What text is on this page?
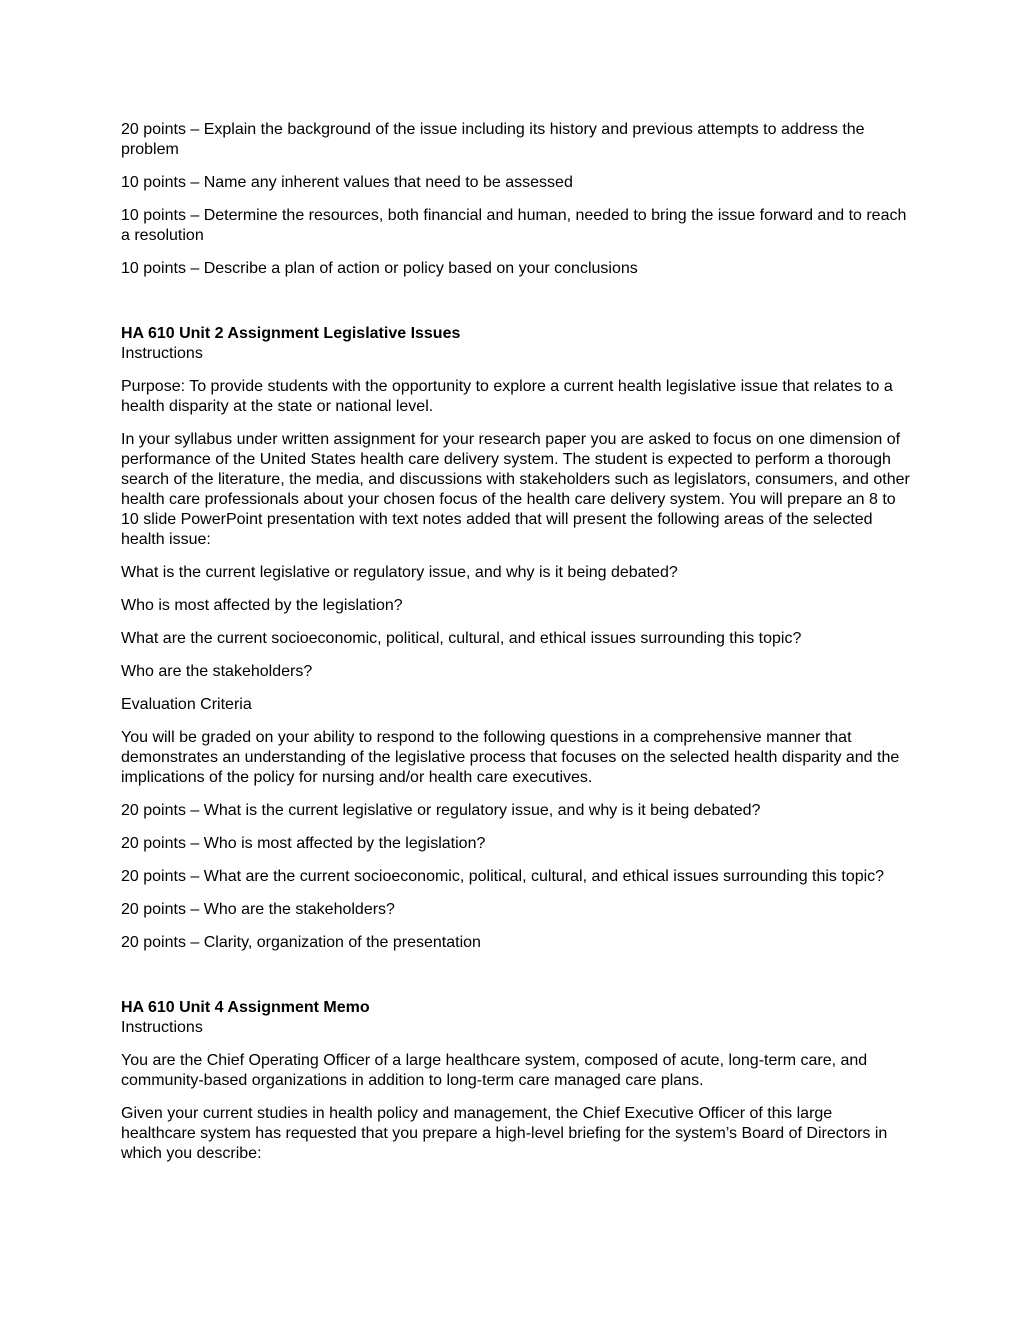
20 points – Explain the background of the issue including its history and previous attempts to address the problem

10 points – Name any inherent values that need to be assessed

10 points – Determine the resources, both financial and human, needed to bring the issue forward and to reach a resolution

10 points – Describe a plan of action or policy based on your conclusions

HA 610 Unit 2 Assignment Legislative Issues

Instructions

Purpose: To provide students with the opportunity to explore a current health legislative issue that relates to a health disparity at the state or national level.

In your syllabus under written assignment for your research paper you are asked to focus on one dimension of performance of the United States health care delivery system. The student is expected to perform a thorough search of the literature, the media, and discussions with stakeholders such as legislators, consumers, and other health care professionals about your chosen focus of the health care delivery system. You will prepare an 8 to 10 slide PowerPoint presentation with text notes added that will present the following areas of the selected health issue:

What is the current legislative or regulatory issue, and why is it being debated?

Who is most affected by the legislation?

What are the current socioeconomic, political, cultural, and ethical issues surrounding this topic?

Who are the stakeholders?

Evaluation Criteria

You will be graded on your ability to respond to the following questions in a comprehensive manner that demonstrates an understanding of the legislative process that focuses on the selected health disparity and the implications of the policy for nursing and/or health care executives.

20 points – What is the current legislative or regulatory issue, and why is it being debated?

20 points – Who is most affected by the legislation?

20 points – What are the current socioeconomic, political, cultural, and ethical issues surrounding this topic?

20 points – Who are the stakeholders?

20 points – Clarity, organization of the presentation

HA 610 Unit 4 Assignment Memo

Instructions

You are the Chief Operating Officer of a large healthcare system, composed of acute, long-term care, and community-based organizations in addition to long-term care managed care plans.

Given your current studies in health policy and management, the Chief Executive Officer of this large healthcare system has requested that you prepare a high-level briefing for the system’s Board of Directors in which you describe:
